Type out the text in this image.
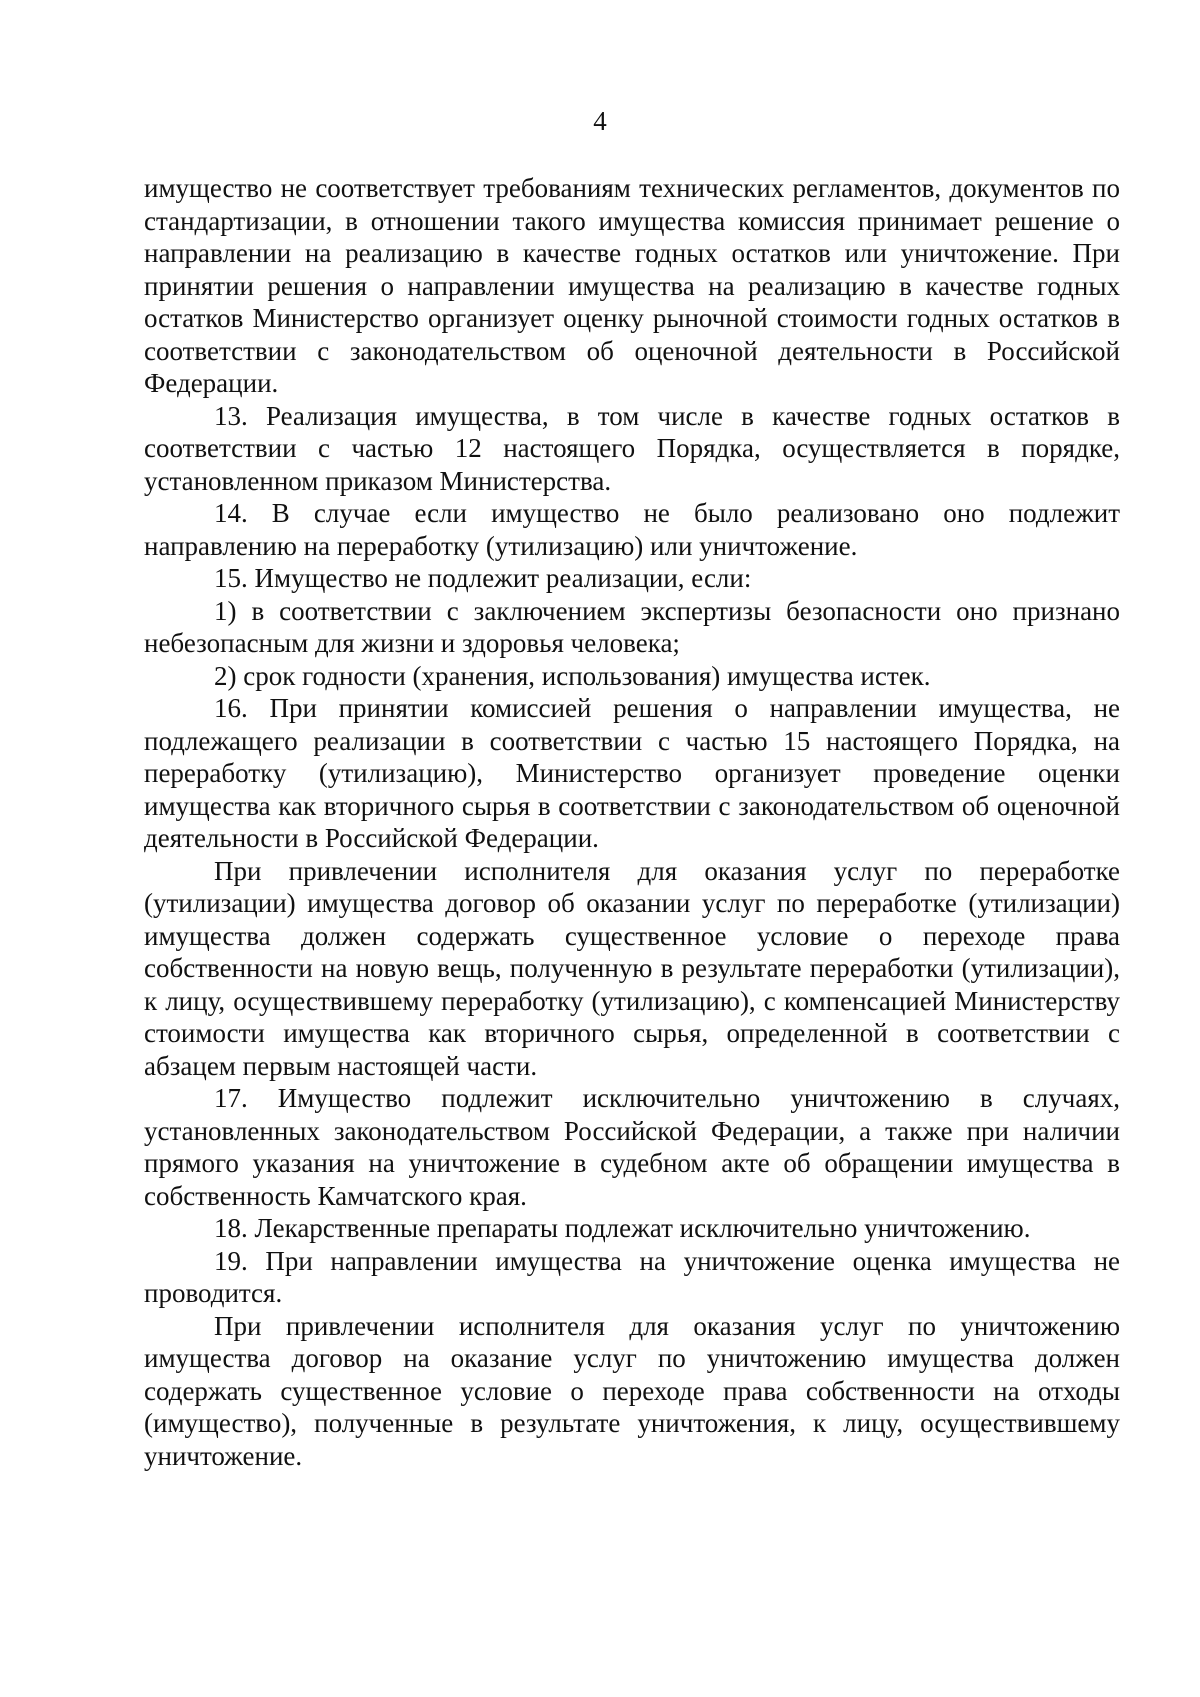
4

имущество не соответствует требованиям технических регламентов, документов по стандартизации, в отношении такого имущества комиссия принимает решение о направлении на реализацию в качестве годных остатков или уничтожение. При принятии решения о направлении имущества на реализацию в качестве годных остатков Министерство организует оценку рыночной стоимости годных остатков в соответствии с законодательством об оценочной деятельности в Российской Федерации.

13. Реализация имущества, в том числе в качестве годных остатков в соответствии с частью 12 настоящего Порядка, осуществляется в порядке, установленном приказом Министерства.

14. В случае если имущество не было реализовано оно подлежит направлению на переработку (утилизацию) или уничтожение.

15. Имущество не подлежит реализации, если:

1) в соответствии с заключением экспертизы безопасности оно признано небезопасным для жизни и здоровья человека;

2) срок годности (хранения, использования) имущества истек.

16. При принятии комиссией решения о направлении имущества, не подлежащего реализации в соответствии с частью 15 настоящего Порядка, на переработку (утилизацию), Министерство организует проведение оценки имущества как вторичного сырья в соответствии с законодательством об оценочной деятельности в Российской Федерации.

При привлечении исполнителя для оказания услуг по переработке (утилизации) имущества договор об оказании услуг по переработке (утилизации) имущества должен содержать существенное условие о переходе права собственности на новую вещь, полученную в результате переработки (утилизации), к лицу, осуществившему переработку (утилизацию), с компенсацией Министерству стоимости имущества как вторичного сырья, определенной в соответствии с абзацем первым настоящей части.

17. Имущество подлежит исключительно уничтожению в случаях, установленных законодательством Российской Федерации, а также при наличии прямого указания на уничтожение в судебном акте об обращении имущества в собственность Камчатского края.

18. Лекарственные препараты подлежат исключительно уничтожению.

19. При направлении имущества на уничтожение оценка имущества не проводится.

При привлечении исполнителя для оказания услуг по уничтожению имущества договор на оказание услуг по уничтожению имущества должен содержать существенное условие о переходе права собственности на отходы (имущество), полученные в результате уничтожения, к лицу, осуществившему уничтожение.
